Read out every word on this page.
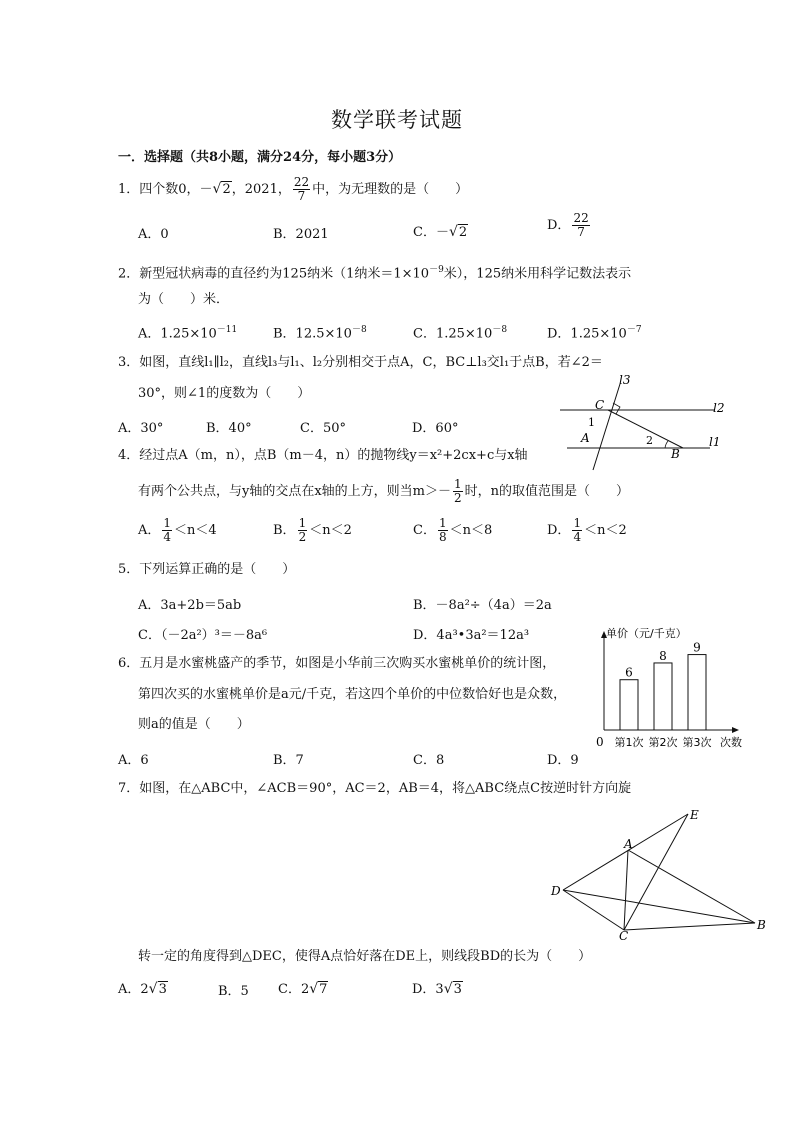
数学联考试题
一．选择题（共8小题，满分24分，每小题3分）
1．四个数0，－√2，2021， $\frac{22}{7}$ 中，为无理数的是（　　）
A．0	B．2021	C．－√2	D． $\frac{22}{7}$
2．新型冠状病毒的直径约为125纳米（1纳米$=1\times 10^{-9}$米），125纳米用科学记数法表示
为（　　）米．
A．$1.25\times 10^{-11}$	B．$12.5\times 10^{-8}$	C．$1.25\times 10^{-8}$	D．$1.25\times 10^{-7}$
3．如图，直线l₁∥l₂，直线l₃与l₁、l₂分别相交于点A，C，BC⊥l₃交l₁于点B，若∠2＝
30°，则∠1的度数为（　　）
A．30°	B．40°	C．50°	D．60°
l3
l2
l1
C
A
B
1
2
4．经过点A（m，n），点B（m－4，n）的抛物线y＝x²+2cx+c与x轴
有两个公共点，与y轴的交点在x轴的上方，则当$m>- \frac{1}{2}$ 时，n的取值范围是（　　）
A． $\frac{1}{4} <n<4$	B． $\frac{1}{2} <n<2$	C． $\frac{1}{8} <n<8$	D． $\frac{1}{4} <n<2$
5．下列运算正确的是（　　）
A．3a+2b＝5ab	B．－8a²÷（4a）＝2a
C．（－2a²）³＝－8a⁶	D．4a³•3a²＝12a³
6．五月是水蜜桃盛产的季节，如图是小华前三次购买水蜜桃单价的统计图，
第四次买的水蜜桃单价是a元/千克，若这四个单价的中位数恰好也是众数，
则a的值是（　　）
A．6	B．7	C．8	D．9
6
第1次
8
第2次
9
第3次
单价（元/千克）
次数
0
7．如图，在△ABC中，∠ACB＝90°，AC＝2，AB＝4，将△ABC绕点C按逆时针方向旋
A
B
C
D
E
转一定的角度得到△DEC，使得A点恰好落在DE上，则线段BD的长为（　　）
A．2√3	B．5 C．2√7	D．3√3
